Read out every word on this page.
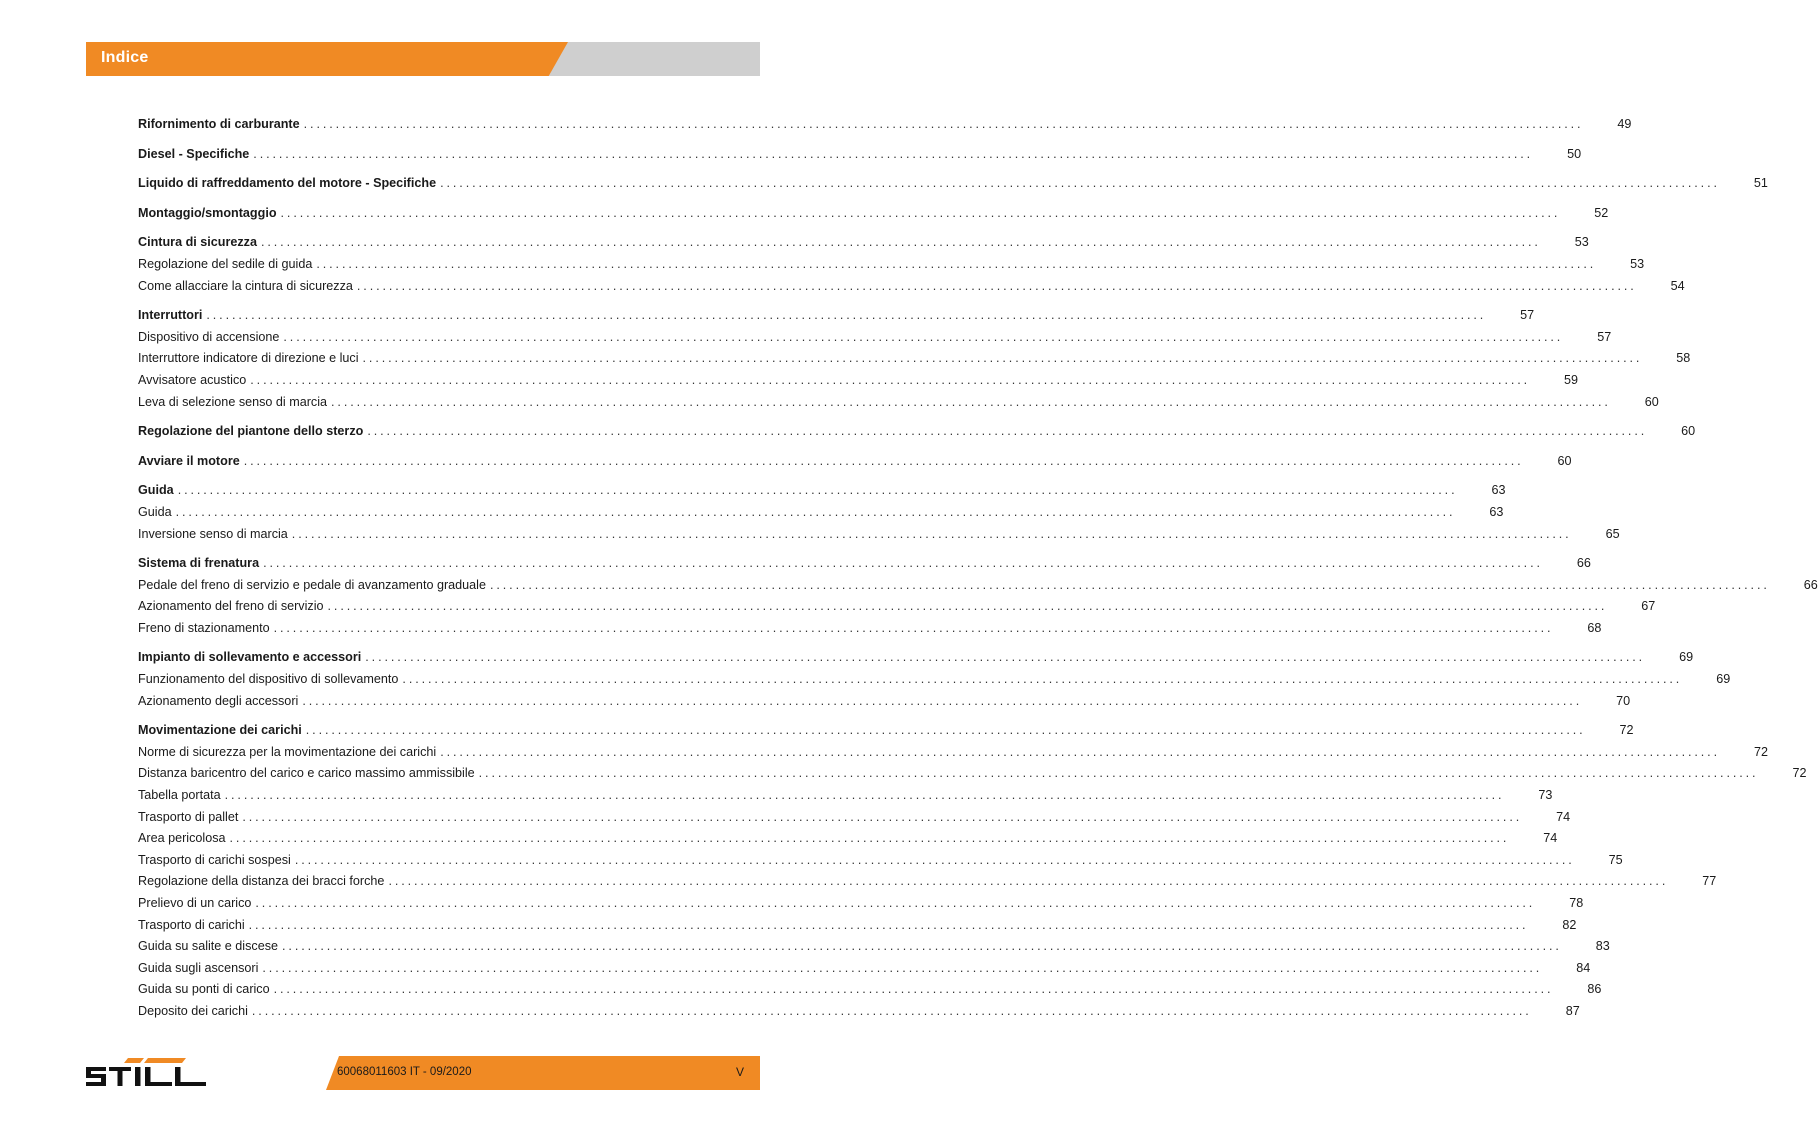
Indice
Rifornimento di carburante ........................................................................................................................................................................................................	49
Diesel - Specifiche ........................................................................................................................................................................................................	50
Liquido di raffreddamento del motore - Specifiche ........................................................................................................................................................................................................	51
Montaggio/smontaggio ........................................................................................................................................................................................................	52
Cintura di sicurezza ........................................................................................................................................................................................................	53
Regolazione del sedile di guida ........................................................................................................................................................................................................	53
Come allacciare la cintura di sicurezza ........................................................................................................................................................................................................	54
Interruttori ........................................................................................................................................................................................................	57
Dispositivo di accensione ........................................................................................................................................................................................................	57
Interruttore indicatore di direzione e luci ........................................................................................................................................................................................................	58
Avvisatore acustico ........................................................................................................................................................................................................	59
Leva di selezione senso di marcia ........................................................................................................................................................................................................	60
Regolazione del piantone dello sterzo ........................................................................................................................................................................................................	60
Avviare il motore ........................................................................................................................................................................................................	60
Guida ........................................................................................................................................................................................................	63
Guida ........................................................................................................................................................................................................	63
Inversione senso di marcia ........................................................................................................................................................................................................	65
Sistema di frenatura ........................................................................................................................................................................................................	66
Pedale del freno di servizio e pedale di avanzamento graduale ........................................................................................................................................................................................................	66
Azionamento del freno di servizio ........................................................................................................................................................................................................	67
Freno di stazionamento ........................................................................................................................................................................................................	68
Impianto di sollevamento e accessori ........................................................................................................................................................................................................	69
Funzionamento del dispositivo di sollevamento ........................................................................................................................................................................................................	69
Azionamento degli accessori ........................................................................................................................................................................................................	70
Movimentazione dei carichi ........................................................................................................................................................................................................	72
Norme di sicurezza per la movimentazione dei carichi ........................................................................................................................................................................................................	72
Distanza baricentro del carico e carico massimo ammissibile ........................................................................................................................................................................................................	72
Tabella portata ........................................................................................................................................................................................................	73
Trasporto di pallet ........................................................................................................................................................................................................	74
Area pericolosa ........................................................................................................................................................................................................	74
Trasporto di carichi sospesi ........................................................................................................................................................................................................	75
Regolazione della distanza dei bracci forche ........................................................................................................................................................................................................	77
Prelievo di un carico ........................................................................................................................................................................................................	78
Trasporto di carichi ........................................................................................................................................................................................................	82
Guida su salite e discese ........................................................................................................................................................................................................	83
Guida sugli ascensori ........................................................................................................................................................................................................	84
Guida su ponti di carico ........................................................................................................................................................................................................	86
Deposito dei carichi ........................................................................................................................................................................................................	87
60068011603 IT - 09/2020	V
